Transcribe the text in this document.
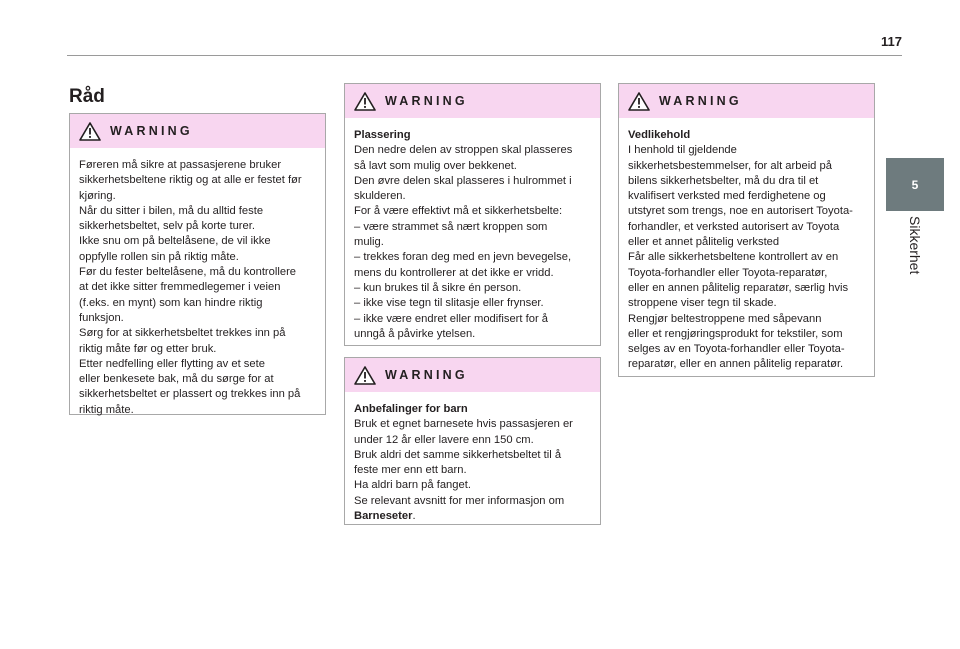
117
5
Sikkerhet
Råd
WARNING
Føreren må sikre at passasjerene bruker
sikkerhetsbeltene riktig og at alle er festet før
kjøring.
Når du sitter i bilen, må du alltid feste
sikkerhetsbeltet, selv på korte turer.
Ikke snu om på beltelåsene, de vil ikke
oppfylle rollen sin på riktig måte.
Før du fester beltelåsene, må du kontrollere
at det ikke sitter fremmedlegemer i veien
(f.eks. en mynt) som kan hindre riktig
funksjon.
Sørg for at sikkerhetsbeltet trekkes inn på
riktig måte før og etter bruk.
Etter nedfelling eller flytting av et sete
eller benkesete bak, må du sørge for at
sikkerhetsbeltet er plassert og trekkes inn på
riktig måte.
WARNING
Plassering
Den nedre delen av stroppen skal plasseres
så lavt som mulig over bekkenet.
Den øvre delen skal plasseres i hulrommet i
skulderen.
For å være effektivt må et sikkerhetsbelte:
– være strammet så nært kroppen som
mulig.
– trekkes foran deg med en jevn bevegelse,
mens du kontrollerer at det ikke er vridd.
– kun brukes til å sikre én person.
– ikke vise tegn til slitasje eller frynser.
– ikke være endret eller modifisert for å
unngå å påvirke ytelsen.
WARNING
Anbefalinger for barn
Bruk et egnet barnesete hvis passasjeren er
under 12 år eller lavere enn 150 cm.
Bruk aldri det samme sikkerhetsbeltet til å
feste mer enn ett barn.
Ha aldri barn på fanget.
Se relevant avsnitt for mer informasjon om
Barneseter.
WARNING
Vedlikehold
I henhold til gjeldende
sikkerhetsbestemmelser, for alt arbeid på
bilens sikkerhetsbelter, må du dra til et
kvalifisert verksted med ferdighetene og
utstyret som trengs, noe en autorisert Toyota-
forhandler, et verksted autorisert av Toyota
eller et annet pålitelig verksted
Får alle sikkerhetsbeltene kontrollert av en
Toyota-forhandler eller Toyota-reparatør,
eller en annen pålitelig reparatør, særlig hvis
stroppene viser tegn til skade.
Rengjør beltestroppene med såpevann
eller et rengjøringsprodukt for tekstiler, som
selges av en Toyota-forhandler eller Toyota-
reparatør, eller en annen pålitelig reparatør.
